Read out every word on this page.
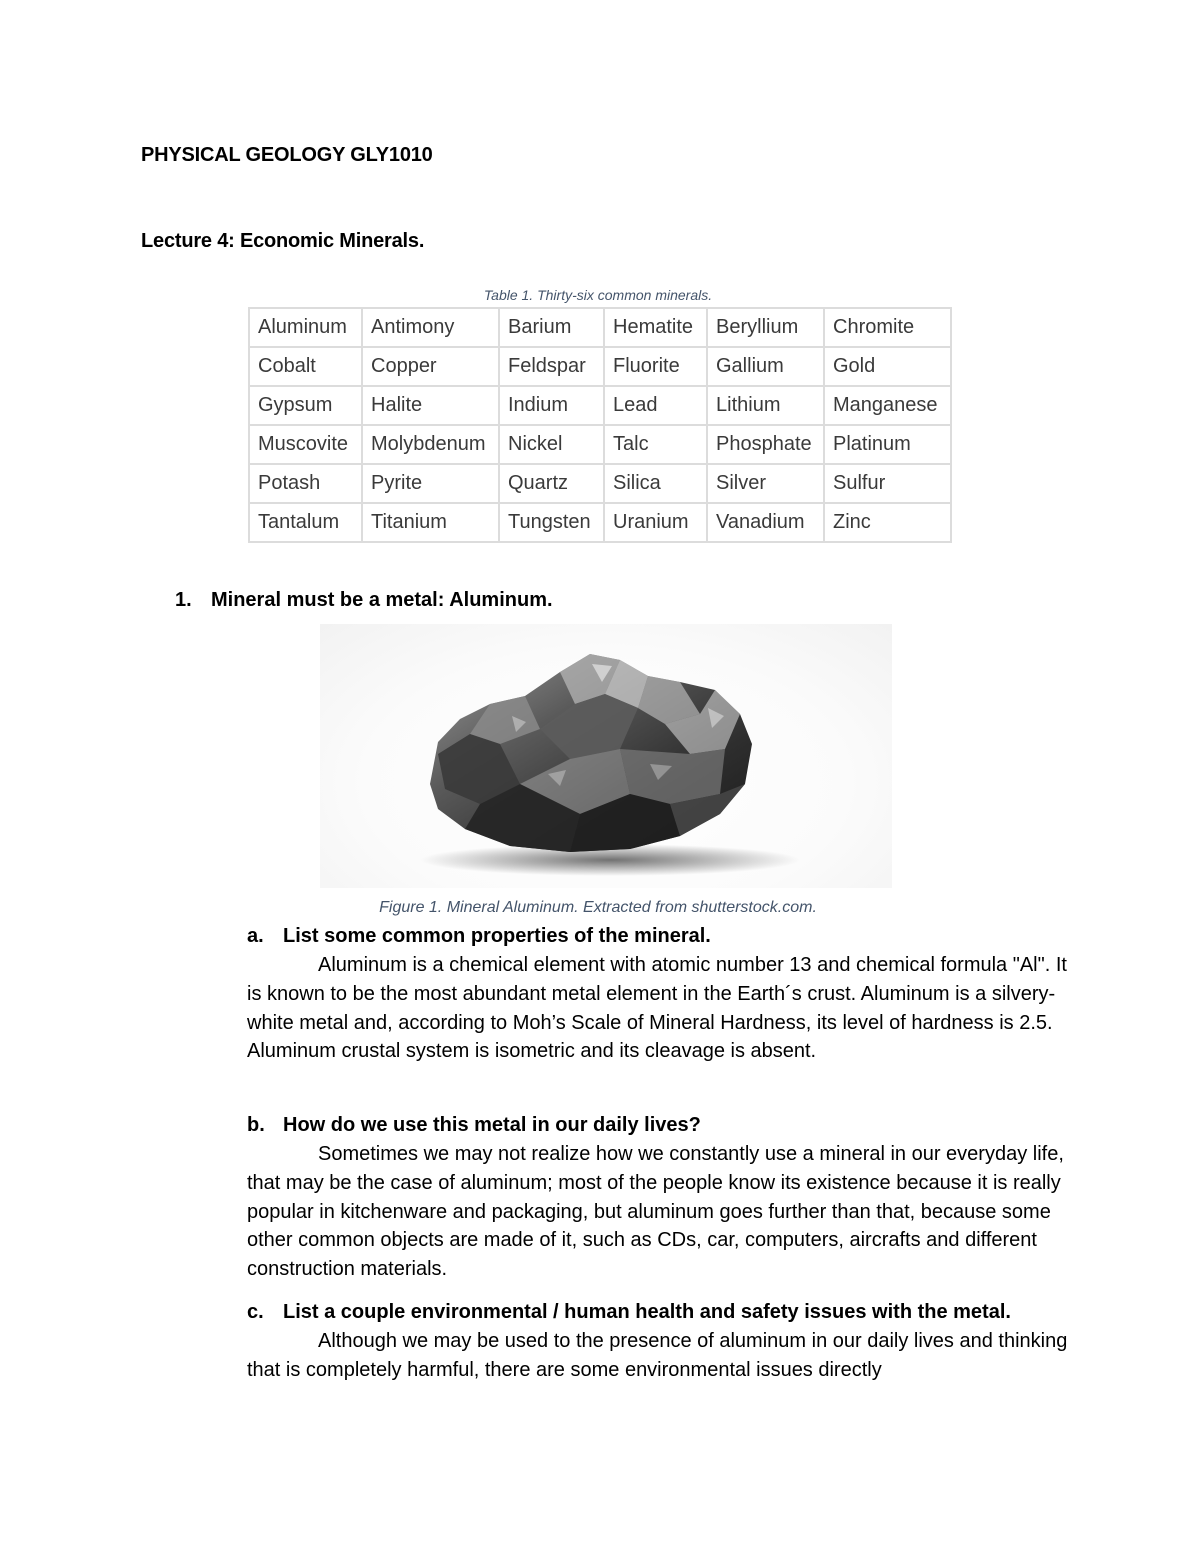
PHYSICAL GEOLOGY GLY1010
Lecture 4: Economic Minerals.

Table 1. Thirty-six common minerals.

Aluminum	Antimony	Barium	Hematite	Beryllium	Chromite
Cobalt	Copper	Feldspar	Fluorite	Gallium	Gold
Gypsum	Halite	Indium	Lead	Lithium	Manganese
Muscovite	Molybdenum	Nickel	Talc	Phosphate	Platinum
Potash	Pyrite	Quartz	Silica	Silver	Sulfur
Tantalum	Titanium	Tungsten	Uranium	Vanadium	Zinc

1. Mineral must be a metal: Aluminum.

Figure 1. Mineral Aluminum. Extracted from shutterstock.com.

a. List some common properties of the mineral.

Aluminum is a chemical element with atomic number 13 and chemical formula "Al". It is known to be the most abundant metal element in the Earth´s crust. Aluminum is a silvery-white metal and, according to Moh’s Scale of Mineral Hardness, its level of hardness is 2.5. Aluminum crustal system is isometric and its cleavage is absent.

b. How do we use this metal in our daily lives?

Sometimes we may not realize how we constantly use a mineral in our everyday life, that may be the case of aluminum; most of the people know its existence because it is really popular in kitchenware and packaging, but aluminum goes further than that, because some other common objects are made of it, such as CDs, car, computers, aircrafts and different construction materials.

c. List a couple environmental / human health and safety issues with the metal.

Although we may be used to the presence of aluminum in our daily lives and thinking that is completely harmful, there are some environmental issues directly
